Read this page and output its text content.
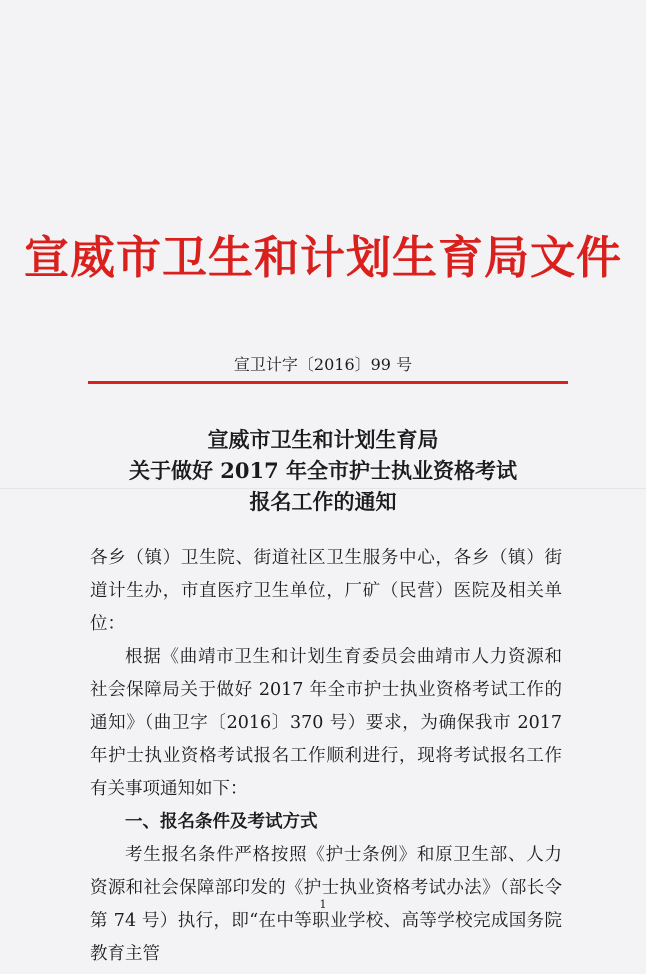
宣威市卫生和计划生育局文件
宣卫计字〔2016〕99 号
宣威市卫生和计划生育局
关于做好 2017 年全市护士执业资格考试
报名工作的通知

各乡（镇）卫生院、街道社区卫生服务中心，各乡（镇）街道计生办，市直医疗卫生单位，厂矿（民营）医院及相关单位：

根据《曲靖市卫生和计划生育委员会曲靖市人力资源和社会保障局关于做好 2017 年全市护士执业资格考试工作的通知》（曲卫字〔2016〕370 号）要求，为确保我市 2017 年护士执业资格考试报名工作顺利进行，现将考试报名工作有关事项通知如下：

一、报名条件及考试方式

考生报名条件严格按照《护士条例》和原卫生部、人力资源和社会保障部印发的《护士执业资格考试办法》（部长令第 74 号）执行，即“在中等职业学校、高等学校完成国务院教育主管

1
